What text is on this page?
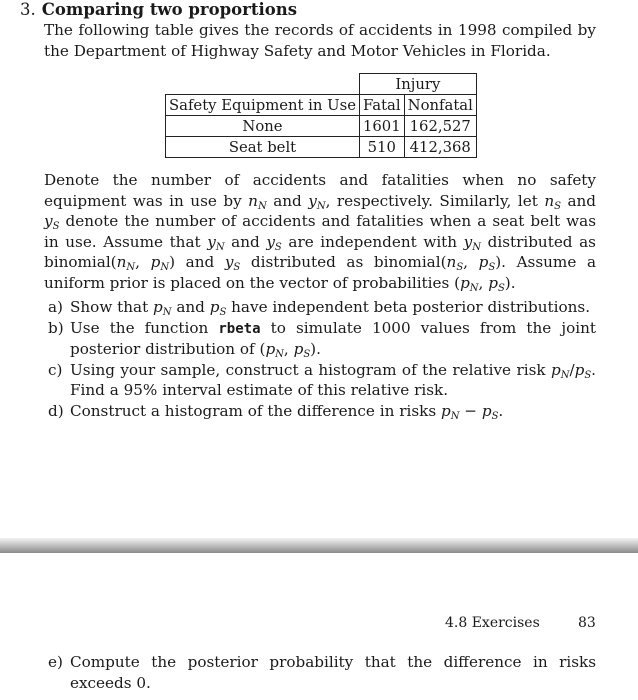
3. Comparing two proportions
The following table gives the records of accidents in 1998 compiled by the Department of Highway Safety and Motor Vehicles in Florida.
	Injury	
Safety Equipment in Use	Fatal	Nonfatal
None	1601	162,527
Seat belt	510	412,368
Denote the number of accidents and fatalities when no safety equipment was in use by $n_N$ and $y_N$, respectively. Similarly, let $n_S$ and $y_S$ denote the number of accidents and fatalities when a seat belt was in use. Assume that $y_N$ and $y_S$ are independent with $y_N$ distributed as $binomial(n_N$, $p_N$) and $y_S$ distributed as $binomial(n_S$, $p_S$). Assume a uniform prior is placed on the vector of probabilities ($p_N$, $p_S$).
a) Show that $p_N$ and $p_S$ have independent beta posterior distributions.
b) Use the function rbeta to simulate 1000 values from the joint posterior distribution of ($p_N$, $p_S$).
c) Using your sample, construct a histogram of the relative risk $p_N/p_S$. Find a 95% interval estimate of this relative risk.
d) Construct a histogram of the difference in risks $p_N - p_S$.
4.8 Exercises	83
e) Compute the posterior probability that the difference in risks exceeds 0.
